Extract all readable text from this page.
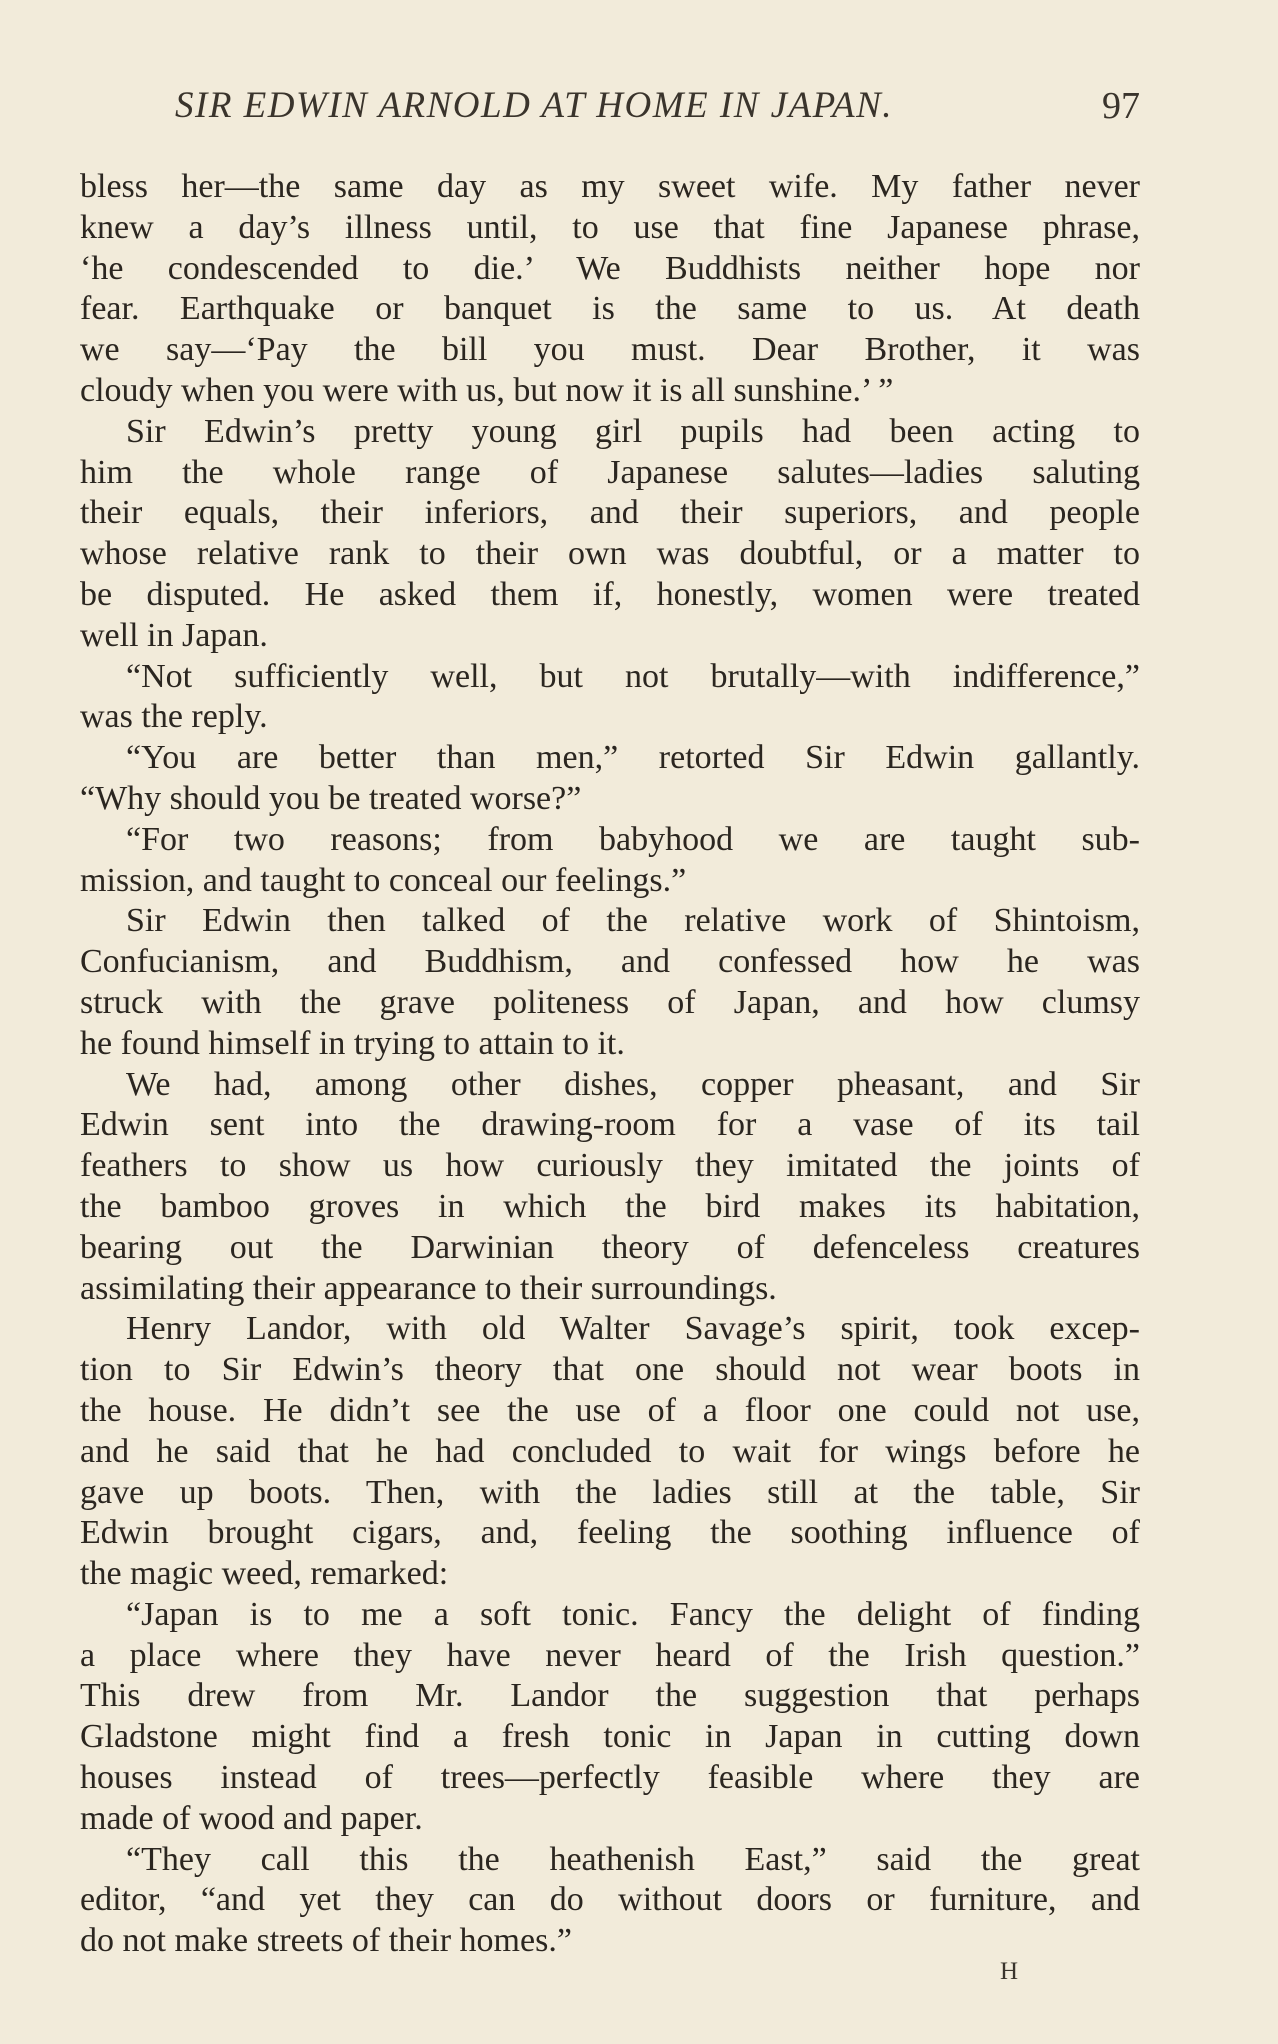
SIR EDWIN ARNOLD AT HOME IN JAPAN.	97
bless her—the same day as my sweet wife. My father never
knew a day’s illness until, to use that fine Japanese phrase,
‘he condescended to die.’ We Buddhists neither hope nor
fear. Earthquake or banquet is the same to us. At death
we say—‘Pay the bill you must. Dear Brother, it was
cloudy when you were with us, but now it is all sunshine.’ ”
Sir Edwin’s pretty young girl pupils had been acting to
him the whole range of Japanese salutes—ladies saluting
their equals, their inferiors, and their superiors, and people
whose relative rank to their own was doubtful, or a matter to
be disputed. He asked them if, honestly, women were treated
well in Japan.
“Not sufficiently well, but not brutally—with indifference,”
was the reply.
“You are better than men,” retorted Sir Edwin gallantly.
“Why should you be treated worse?”
“For two reasons; from babyhood we are taught sub-
mission, and taught to conceal our feelings.”
Sir Edwin then talked of the relative work of Shintoism,
Confucianism, and Buddhism, and confessed how he was
struck with the grave politeness of Japan, and how clumsy
he found himself in trying to attain to it.
We had, among other dishes, copper pheasant, and Sir
Edwin sent into the drawing-room for a vase of its tail
feathers to show us how curiously they imitated the joints of
the bamboo groves in which the bird makes its habitation,
bearing out the Darwinian theory of defenceless creatures
assimilating their appearance to their surroundings.
Henry Landor, with old Walter Savage’s spirit, took excep-
tion to Sir Edwin’s theory that one should not wear boots in
the house. He didn’t see the use of a floor one could not use,
and he said that he had concluded to wait for wings before he
gave up boots. Then, with the ladies still at the table, Sir
Edwin brought cigars, and, feeling the soothing influence of
the magic weed, remarked:
“Japan is to me a soft tonic. Fancy the delight of finding
a place where they have never heard of the Irish question.”
This drew from Mr. Landor the suggestion that perhaps
Gladstone might find a fresh tonic in Japan in cutting down
houses instead of trees—perfectly feasible where they are
made of wood and paper.
“They call this the heathenish East,” said the great
editor, “and yet they can do without doors or furniture, and
do not make streets of their homes.”
H
